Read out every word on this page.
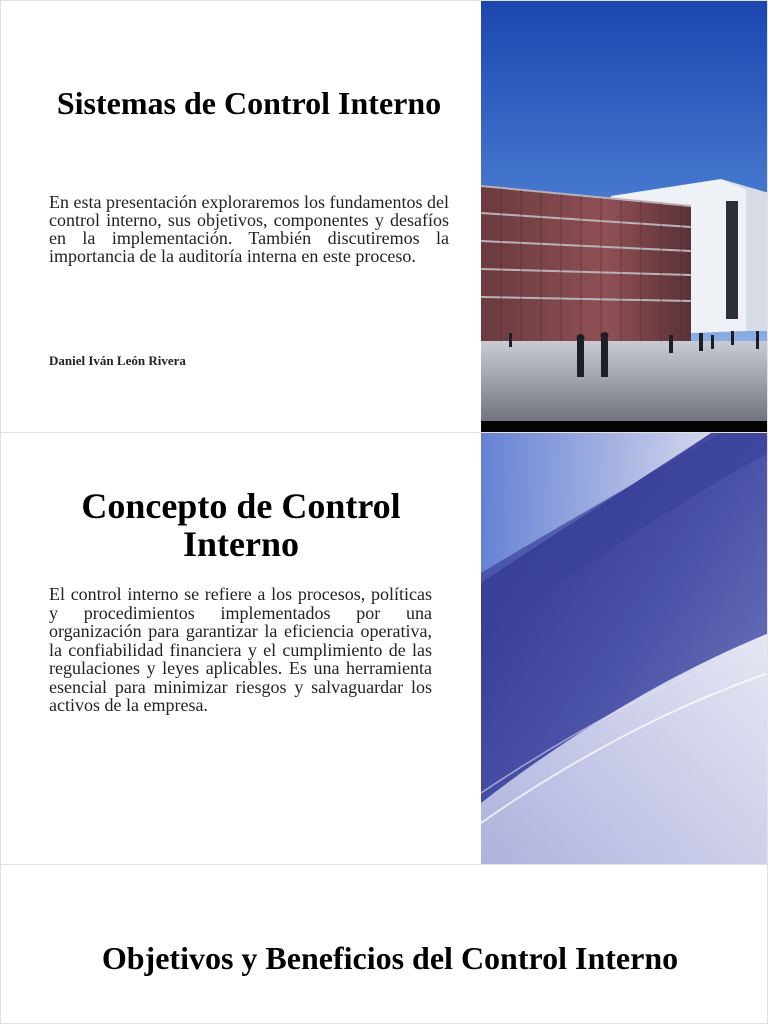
Sistemas de Control Interno

En esta presentación exploraremos los fundamentos del control interno, sus objetivos, componentes y desafíos en la implementación. También discutiremos la importancia de la auditoría interna en este proceso.

Daniel Iván León Rivera

Concepto de Control Interno

El control interno se refiere a los procesos, políticas y procedimientos implementados por una organización para garantizar la eficiencia operativa, la confiabilidad financiera y el cumplimiento de las regulaciones y leyes aplicables. Es una herramienta esencial para minimizar riesgos y salvaguardar los activos de la empresa.

Objetivos y Beneficios del Control Interno
